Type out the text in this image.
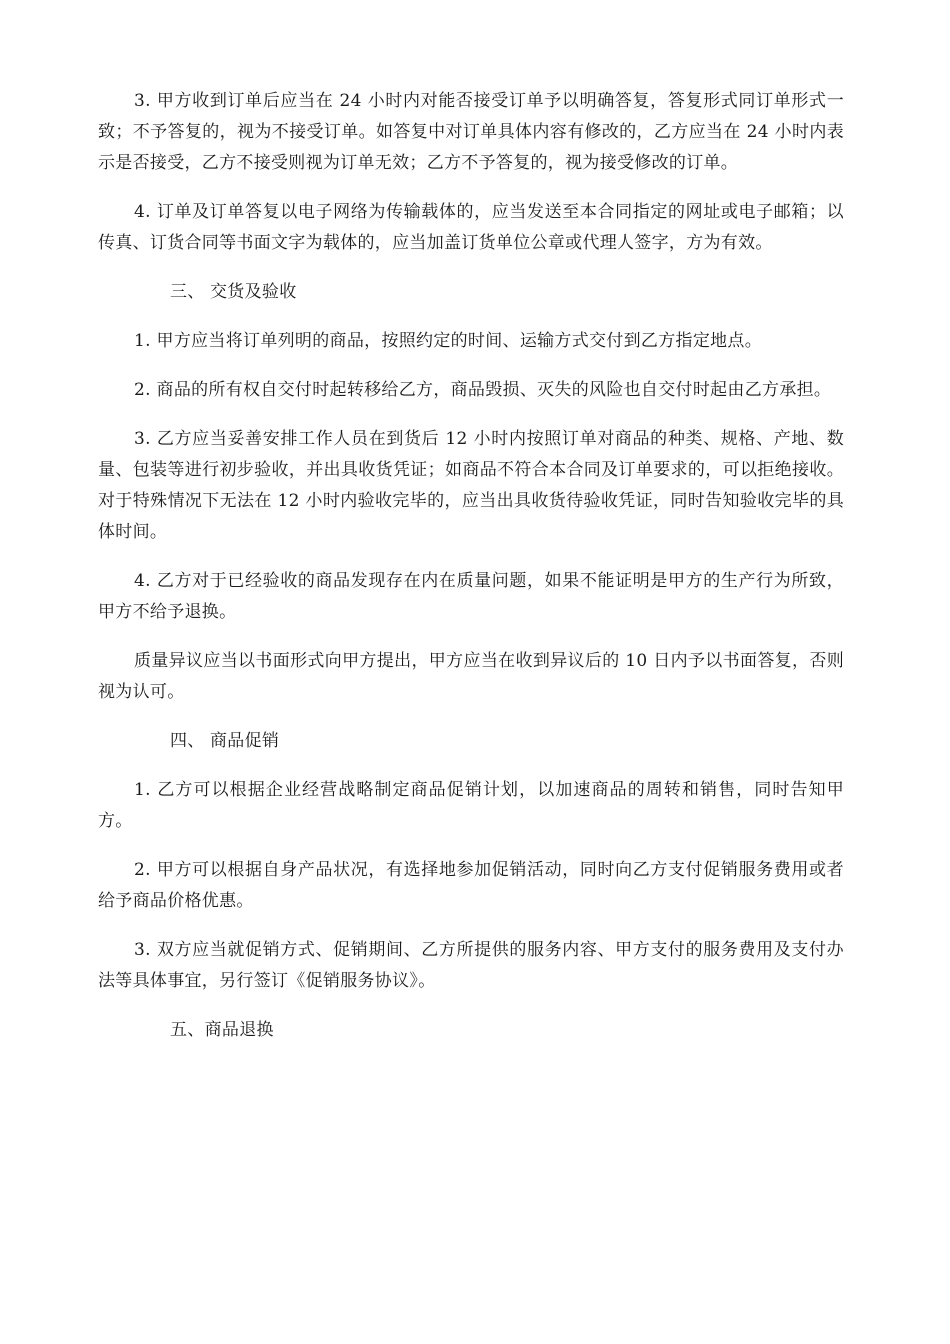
3. 甲方收到订单后应当在 24 小时内对能否接受订单予以明确答复，答复形式同订单形式一致；不予答复的，视为不接受订单。如答复中对订单具体内容有修改的，乙方应当在 24 小时内表示是否接受，乙方不接受则视为订单无效；乙方不予答复的，视为接受修改的订单。

4. 订单及订单答复以电子网络为传输载体的，应当发送至本合同指定的网址或电子邮箱；以传真、订货合同等书面文字为载体的，应当加盖订货单位公章或代理人签字，方为有效。

三、 交货及验收

1. 甲方应当将订单列明的商品，按照约定的时间、运输方式交付到乙方指定地点。

2. 商品的所有权自交付时起转移给乙方，商品毁损、灭失的风险也自交付时起由乙方承担。

3. 乙方应当妥善安排工作人员在到货后 12 小时内按照订单对商品的种类、规格、产地、数量、包装等进行初步验收，并出具收货凭证；如商品不符合本合同及订单要求的，可以拒绝接收。对于特殊情况下无法在 12 小时内验收完毕的，应当出具收货待验收凭证，同时告知验收完毕的具体时间。

4. 乙方对于已经验收的商品发现存在内在质量问题，如果不能证明是甲方的生产行为所致，甲方不给予退换。

质量异议应当以书面形式向甲方提出，甲方应当在收到异议后的 10 日内予以书面答复，否则视为认可。

四、 商品促销

1. 乙方可以根据企业经营战略制定商品促销计划，以加速商品的周转和销售，同时告知甲方。

2. 甲方可以根据自身产品状况，有选择地参加促销活动，同时向乙方支付促销服务费用或者给予商品价格优惠。

3. 双方应当就促销方式、促销期间、乙方所提供的服务内容、甲方支付的服务费用及支付办法等具体事宜，另行签订《促销服务协议》。

五、商品退换
